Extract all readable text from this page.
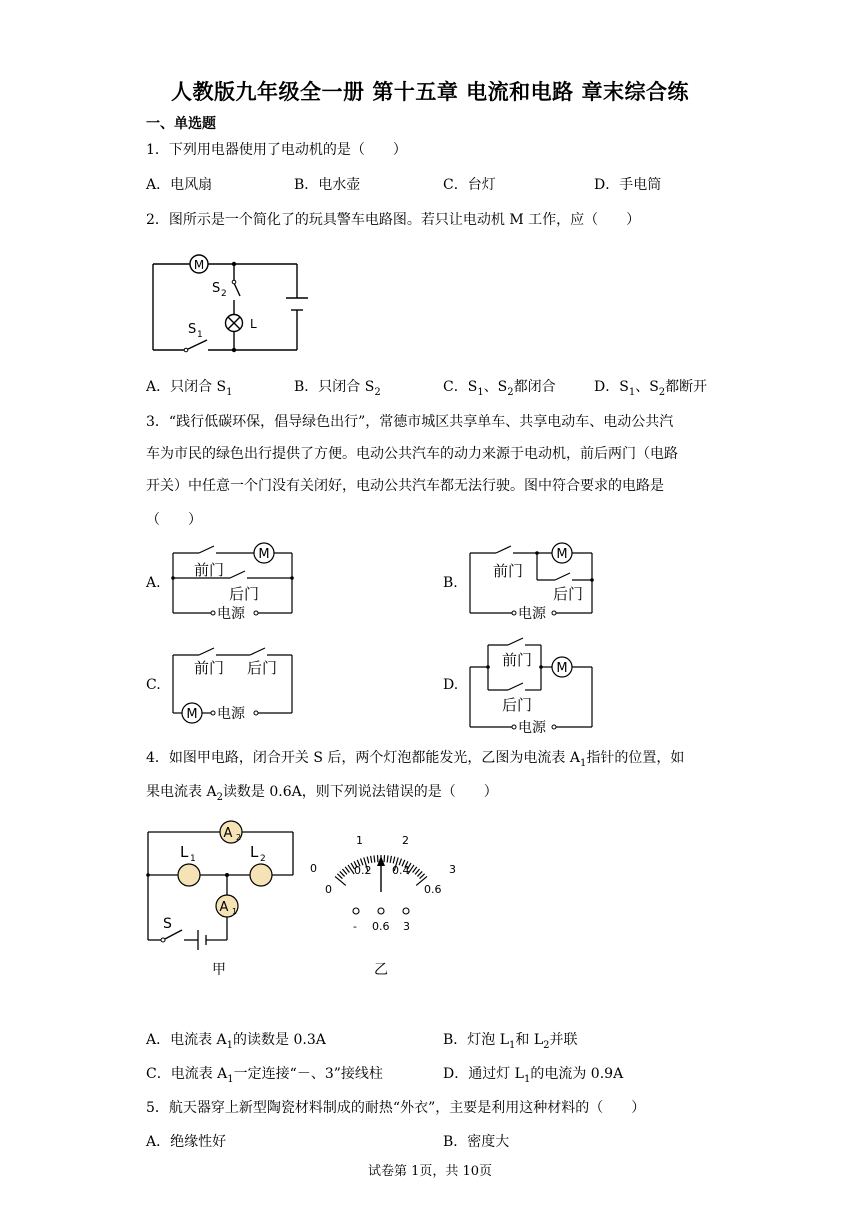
人教版九年级全一册 第十五章 电流和电路 章末综合练
一、单选题
1．下列用电器使用了电动机的是（　　）
A．电风扇	B．电水壶	C．台灯	D．手电筒
2．图所示是一个简化了的玩具警车电路图。若只让电动机 M 工作，应（　　）
M
S 2
S 1
L
A．只闭合 $S_1$	B．只闭合 $S_2$	C．$S_1$、$S_2$都闭合	D．$S_1$、$S_2$都断开
3．“践行低碳环保，倡导绿色出行”，常德市城区共享单车、共享电动车、电动公共汽
车为市民的绿色出行提供了方便。电动公共汽车的动力来源于电动机，前后两门（电路
开关）中任意一个门没有关闭好，电动公共汽车都无法行驶。图中符合要求的电路是
（　　）
A.	B.
C.	D.
M	M
M
M
前门
后门
电源
前门
后门
电源
前门 后门
电源
前门
后门
电源
4．如图甲电路，闭合开关 S 后，两个灯泡都能发光，乙图为电流表 $A_1$指针的位置，如
果电流表 $A_2$读数是 0.6A，则下列说法错误的是（　　）
A 2
L 1	L 2
A 1
S
甲
0
1	2
3
0
0.2 0.4
0.6
- 0.6 3
乙
A．电流表 $A_1$的读数是 0.3A	B．灯泡 $L_1$和 $L_2$并联
C．电流表 $A_1$一定连接“－、3”接线柱	D．通过灯 $L_1$的电流为 0.9A
5．航天器穿上新型陶瓷材料制成的耐热“外衣”，主要是利用这种材料的（　　）
A．绝缘性好	B．密度大
试卷第 1页，共 10页
